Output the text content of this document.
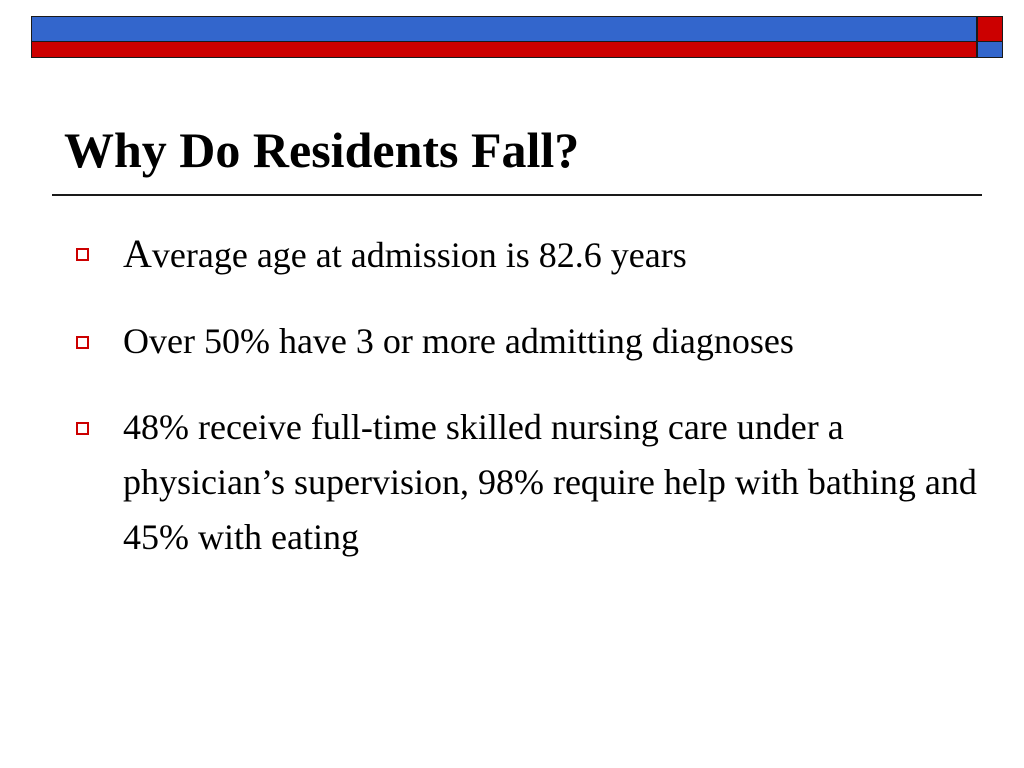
Why Do Residents Fall?
Average age at admission is 82.6 years
Over 50% have 3 or more admitting diagnoses
48% receive full-time skilled nursing care under a physician’s supervision, 98% require help with bathing and 45% with eating
